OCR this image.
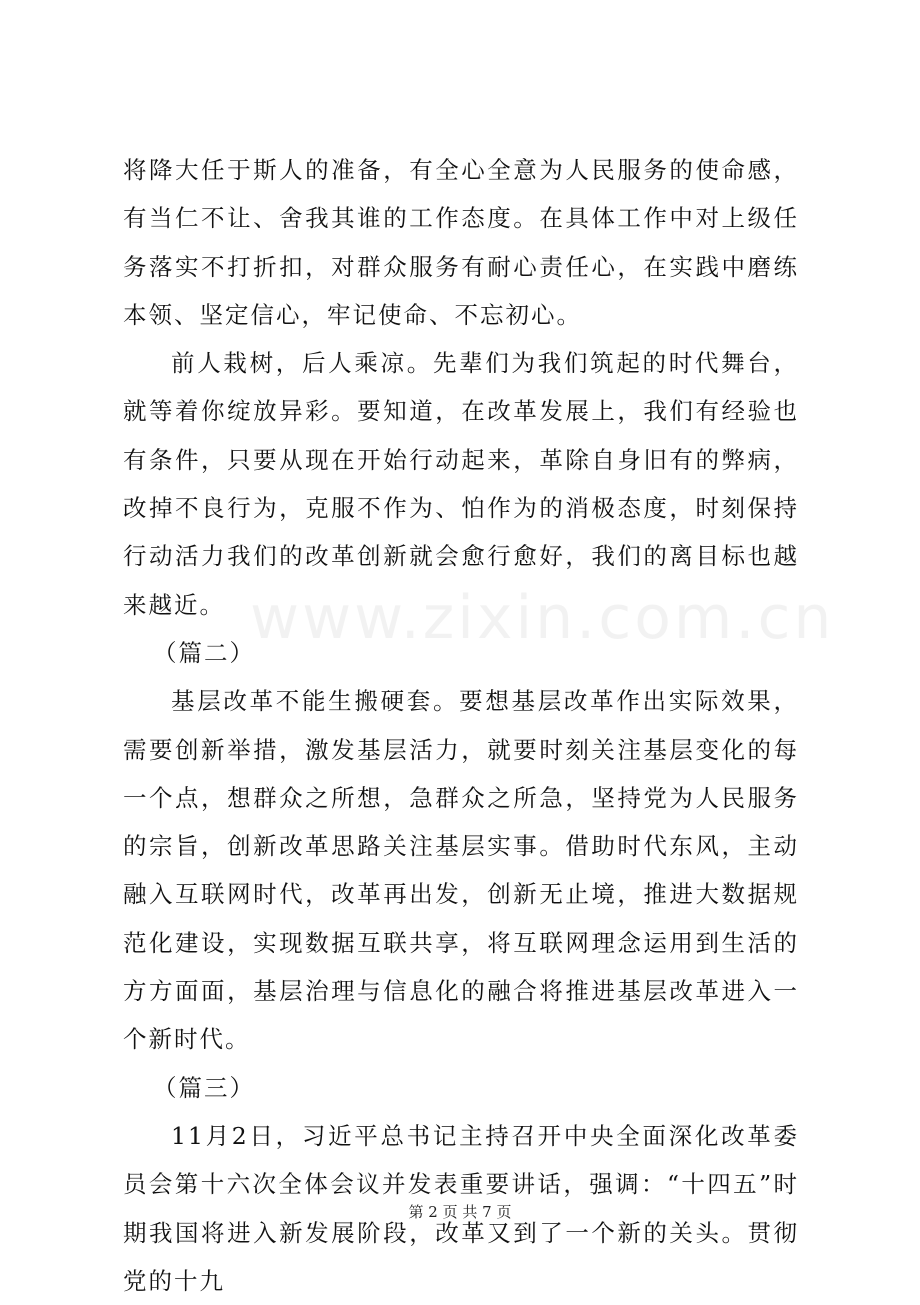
www.zixin.com.cn

将降大任于斯人的准备，有全心全意为人民服务的使命感，有当仁不让、舍我其谁的工作态度。在具体工作中对上级任务落实不打折扣，对群众服务有耐心责任心，在实践中磨练本领、坚定信心，牢记使命、不忘初心。

前人栽树，后人乘凉。先辈们为我们筑起的时代舞台，就等着你绽放异彩。要知道，在改革发展上，我们有经验也有条件，只要从现在开始行动起来，革除自身旧有的弊病，改掉不良行为，克服不作为、怕作为的消极态度，时刻保持行动活力我们的改革创新就会愈行愈好，我们的离目标也越来越近。

（篇二）

基层改革不能生搬硬套。要想基层改革作出实际效果，需要创新举措，激发基层活力，就要时刻关注基层变化的每一个点，想群众之所想，急群众之所急，坚持党为人民服务的宗旨，创新改革思路关注基层实事。借助时代东风，主动融入互联网时代，改革再出发，创新无止境，推进大数据规范化建设，实现数据互联共享，将互联网理念运用到生活的方方面面，基层治理与信息化的融合将推进基层改革进入一个新时代。

（篇三）

11月2日，习近平总书记主持召开中央全面深化改革委员会第十六次全体会议并发表重要讲话，强调：“十四五”时期我国将进入新发展阶段，改革又到了一个新的关头。贯彻党的十九

第 2 页 共 7 页
